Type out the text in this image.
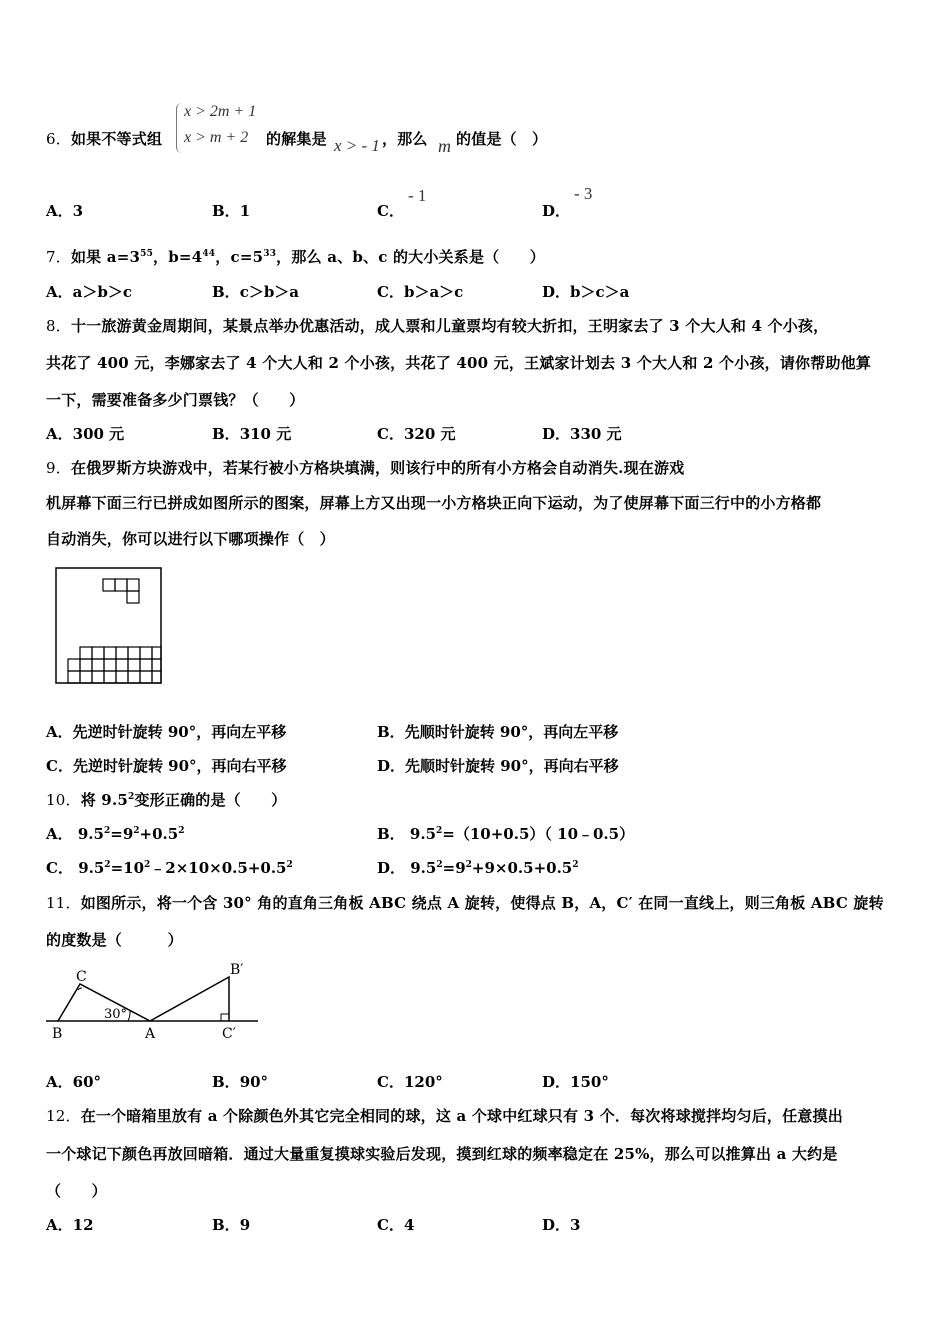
6．如果不等式组
x > 2m + 1
x > m + 2 的解集是 x > - 1 ，那么 m 的值是（　）
A．3	B．1	C．
- 1
D．
- 3
7．如果 $a=3^{55}$，$b=4^{44}$，$c=5^{33}$，那么 a、b、c 的大小关系是（　　）
A．a＞b＞c	B．c＞b＞a	C．b＞a＞c	D．b＞c＞a
8．十一旅游黄金周期间，某景点举办优惠活动，成人票和儿童票均有较大折扣，王明家去了 3 个大人和 4 个小孩，
共花了 400 元，李娜家去了 4 个大人和 2 个小孩，共花了 400 元，王斌家计划去 3 个大人和 2 个小孩，请你帮助他算
一下，需要准备多少门票钱？（　　）
A．300 元	B．310 元	C．320 元	D．330 元
9．在俄罗斯方块游戏中，若某行被小方格块填满，则该行中的所有小方格会自动消失.现在游戏
机屏幕下面三行已拼成如图所示的图案，屏幕上方又出现一小方格块正向下运动，为了使屏幕下面三行中的小方格都
自动消失，你可以进行以下哪项操作（　）
A．先逆时针旋转 90°，再向左平移	B．先顺时针旋转 90°，再向左平移
C．先逆时针旋转 90°，再向右平移	D．先顺时针旋转 90°，再向右平移
10．将 $9.5^2$变形正确的是（　　）
A． $9.5^2=9^2+0.5^2$	B． $9.5^2=(10+0.5)$（ 10﹣0.5）
C． $9.5^2=10^2﹣2\times 10\times 0.5+0.5^2$	D． $9.5^2=9^2+9\times 0.5+0.5^2$
11．如图所示，将一个含 30° 角的直角三角板 ABC 绕点 A 旋转，使得点 B，A，C′ 在同一直线上，则三角板 ABC 旋转
的度数是（　　　）
C
B	A
B′
C′
30°
A．60°	B．90°	C．120°	D．150°
12．在一个暗箱里放有 a 个除颜色外其它完全相同的球，这 a 个球中红球只有 3 个．每次将球搅拌均匀后，任意摸出
一个球记下颜色再放回暗箱．通过大量重复摸球实验后发现，摸到红球的频率稳定在 25%，那么可以推算出 a 大约是
（　　）
A．12	B．9	C．4	D．3
